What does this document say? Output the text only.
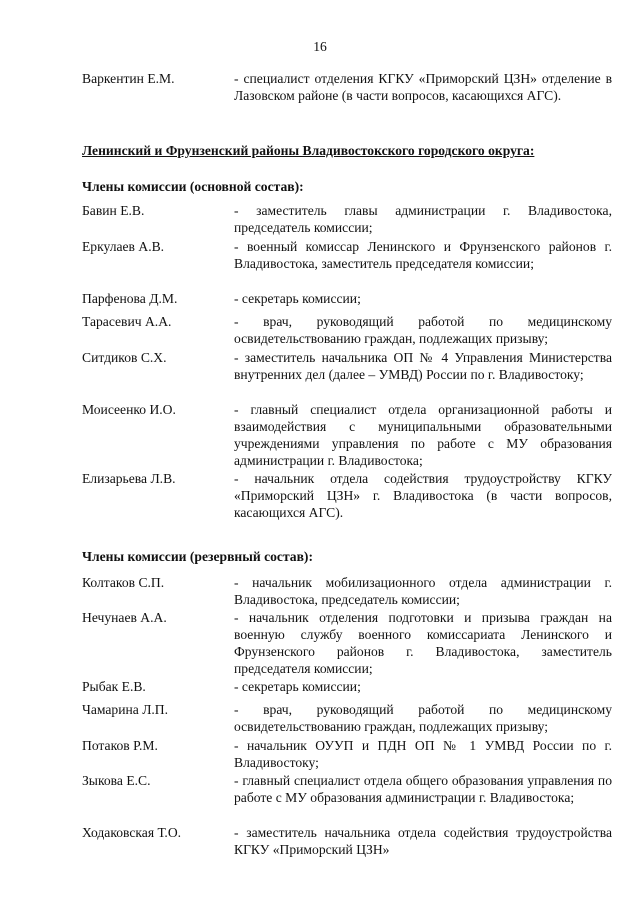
16
Варкентин Е.М.	- специалист отделения КГКУ «Приморский ЦЗН» отделение в Лазовском районе (в части вопросов, касающихся АГС).
Ленинский и Фрунзенский районы Владивостокского городского округа:
Члены комиссии (основной состав):
Бавин Е.В.	- заместитель главы администрации г. Владивостока, председатель комиссии;
Еркулаев А.В.	- военный комиссар Ленинского и Фрунзенского районов г. Владивостока, заместитель председателя комиссии;
Парфенова Д.М.	- секретарь комиссии;
Тарасевич А.А.	- врач, руководящий работой по медицинскому освидетельствованию граждан, подлежащих призыву;
Ситдиков С.Х.	- заместитель начальника ОП № 4 Управления Министерства внутренних дел (далее – УМВД) России по г. Владивостоку;
Моисеенко И.О.	- главный специалист отдела организационной работы и взаимодействия с муниципальными образовательными учреждениями управления по работе с МУ образования администрации г. Владивостока;
Елизарьева Л.В.	- начальник отдела содействия трудоустройству КГКУ «Приморский ЦЗН» г. Владивостока (в части вопросов, касающихся АГС).
Члены комиссии (резервный состав):
Колтаков С.П.	- начальник мобилизационного отдела администрации г. Владивостока, председатель комиссии;
Нечунаев А.А.	- начальник отделения подготовки и призыва граждан на военную службу военного комиссариата Ленинского и Фрунзенского районов г. Владивостока, заместитель председателя комиссии;
Рыбак Е.В.	- секретарь комиссии;
Чамарина Л.П.	- врач, руководящий работой по медицинскому освидетельствованию граждан, подлежащих призыву;
Потаков Р.М.	- начальник ОУУП и ПДН ОП № 1 УМВД России по г. Владивостоку;
Зыкова Е.С.	- главный специалист отдела общего образования управления по работе с МУ образования администрации г. Владивостока;
Ходаковская Т.О.	- заместитель начальника отдела содействия трудоустройства КГКУ «Приморский ЦЗН»
